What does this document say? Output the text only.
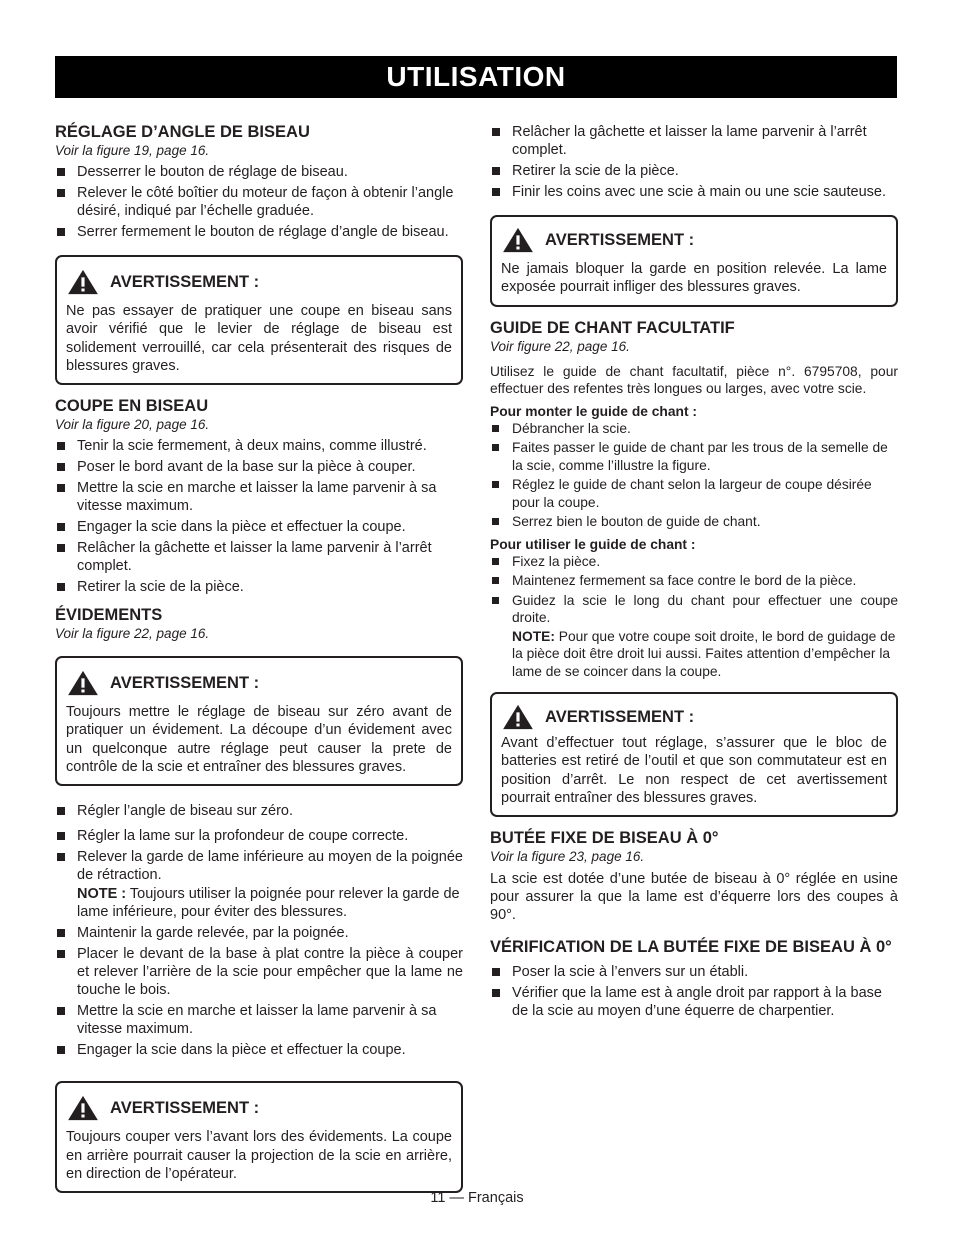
UTILISATION
RÉGLAGE D’ANGLE DE BISEAU
Voir la figure 19, page 16.
Desserrer le bouton de réglage de biseau.
Relever le côté boîtier du moteur de façon à obtenir l’angle désiré, indiqué par l’échelle graduée.
Serrer fermement le bouton de réglage d’angle de biseau.
AVERTISSEMENT :

Ne pas essayer de pratiquer une coupe en biseau sans avoir vérifié que le levier de réglage de biseau est solidement verrouillé, car cela présenterait des risques de blessures graves.

COUPE EN BISEAU
Voir la figure 20, page 16.
Tenir la scie fermement, à deux mains, comme illustré.
Poser le bord avant de la base sur la pièce à couper.
Mettre la scie en marche et laisser la lame parvenir à sa vitesse maximum.
Engager la scie dans la pièce et effectuer la coupe.
Relâcher la gâchette et laisser la lame parvenir à l’arrêt complet.
Retirer la scie de la pièce.
ÉVIDEMENTS
Voir la figure 22, page 16.
AVERTISSEMENT :

Toujours mettre le réglage de biseau sur zéro avant de pratiquer un évidement. La découpe d’un évidement avec un quelconque autre réglage peut causer la prete de contrôle de la scie et entraîner des blessures graves.

Régler l’angle de biseau sur zéro.
Régler la lame sur la profondeur de coupe correcte.
Relever la garde de lame inférieure au moyen de la poignée de rétraction.
NOTE : Toujours utiliser la poignée pour relever la garde de lame inférieure, pour éviter des blessures.
Maintenir la garde relevée, par la poignée.
Placer le devant de la base à plat contre la pièce à couper et relever l’arrière de la scie pour empêcher que la lame ne touche le bois.
Mettre la scie en marche et laisser la lame parvenir à sa vitesse maximum.
Engager la scie dans la pièce et effectuer la coupe.
AVERTISSEMENT :

Toujours couper vers l’avant lors des évidements. La coupe en arrière pourrait causer la projection de la scie en arrière, en direction de l’opérateur.

Relâcher la gâchette et laisser la lame parvenir à l’arrêt complet.
Retirer la scie de la pièce.
Finir les coins avec une scie à main ou une scie sauteuse.
AVERTISSEMENT :

Ne jamais bloquer la garde en position relevée. La lame exposée pourrait infliger des blessures graves.

GUIDE DE CHANT FACULTATIF
Voir figure 22, page 16.

Utilisez le guide de chant facultatif, pièce n°. 6795708, pour effectuer des refentes très longues ou larges, avec votre scie.

Pour monter le guide de chant :
Débrancher la scie.
Faites passer le guide de chant par les trous de la semelle de la scie, comme l’illustre la figure.
Réglez le guide de chant selon la largeur de coupe désirée pour la coupe.
Serrez bien le bouton de guide de chant.
Pour utiliser le guide de chant :
Fixez la pièce.
Maintenez fermement sa face contre le bord de la pièce.
Guidez la scie le long du chant pour effectuer une coupe droite.
NOTE: Pour que votre coupe soit droite, le bord de guidage de la pièce doit être droit lui aussi. Faites attention d’empêcher la lame de se coincer dans la coupe.
AVERTISSEMENT :

Avant d’effectuer tout réglage, s’assurer que le bloc de batteries est retiré de l’outil et que son commutateur est en position d’arrêt. Le non respect de cet avertissement pourrait entraîner des blessures graves.

BUTÉE FIXE DE BISEAU À 0°
Voir la figure 23, page 16.

La scie est dotée d’une butée de biseau à 0° réglée en usine pour assurer la que la lame est d’équerre lors des coupes à 90°.

VÉRIFICATION DE LA BUTÉE FIXE DE BISEAU À 0°
Poser la scie à l’envers sur un établi.
Vérifier que la lame est à angle droit par rapport à la base de la scie au moyen d’une équerre de charpentier.
11 — Français
